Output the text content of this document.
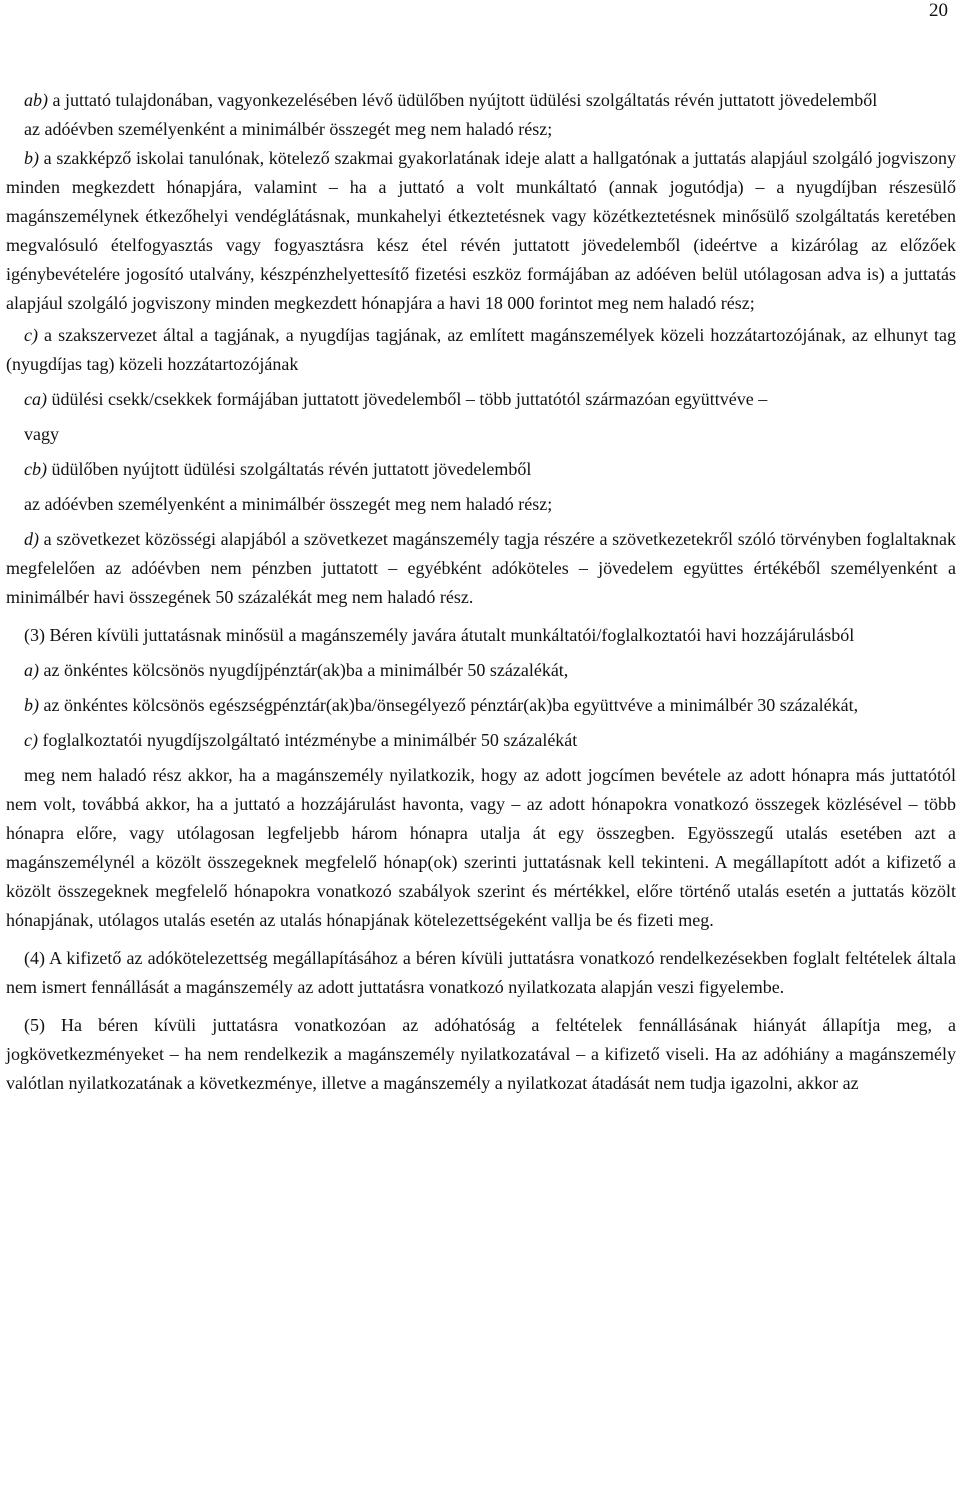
20

ab) a juttató tulajdonában, vagyonkezelésében lévő üdülőben nyújtott üdülési szolgáltatás révén juttatott jövedelemből

az adóévben személyenként a minimálbér összegét meg nem haladó rész;

b) a szakképző iskolai tanulónak, kötelező szakmai gyakorlatának ideje alatt a hallgatónak a juttatás alapjául szolgáló jogviszony minden megkezdett hónapjára, valamint – ha a juttató a volt munkáltató (annak jogutódja) – a nyugdíjban részesülő magánszemélynek étkezőhelyi vendéglátásnak, munkahelyi étkeztetésnek vagy közétkeztetésnek minősülő szolgáltatás keretében megvalósuló ételfogyasztás vagy fogyasztásra kész étel révén juttatott jövedelemből (ideértve a kizárólag az előzőek igénybevételére jogosító utalvány, készpénzhelyettesítő fizetési eszköz formájában az adóéven belül utólagosan adva is) a juttatás alapjául szolgáló jogviszony minden megkezdett hónapjára a havi 18 000 forintot meg nem haladó rész;

c) a szakszervezet által a tagjának, a nyugdíjas tagjának, az említett magánszemélyek közeli hozzátartozójának, az elhunyt tag (nyugdíjas tag) közeli hozzátartozójának

ca) üdülési csekk/csekkek formájában juttatott jövedelemből – több juttatótól származóan együttvéve –

vagy

cb) üdülőben nyújtott üdülési szolgáltatás révén juttatott jövedelemből

az adóévben személyenként a minimálbér összegét meg nem haladó rész;

d) a szövetkezet közösségi alapjából a szövetkezet magánszemély tagja részére a szövetkezetekről szóló törvényben foglaltaknak megfelelően az adóévben nem pénzben juttatott – egyébként adóköteles – jövedelem együttes értékéből személyenként a minimálbér havi összegének 50 százalékát meg nem haladó rész.

(3) Béren kívüli juttatásnak minősül a magánszemély javára átutalt munkáltatói/foglalkoztatói havi hozzájárulásból

a) az önkéntes kölcsönös nyugdíjpénztár(ak)ba a minimálbér 50 százalékát,

b) az önkéntes kölcsönös egészségpénztár(ak)ba/önsegélyező pénztár(ak)ba együttvéve a minimálbér 30 százalékát,

c) foglalkoztatói nyugdíjszolgáltató intézménybe a minimálbér 50 százalékát

meg nem haladó rész akkor, ha a magánszemély nyilatkozik, hogy az adott jogcímen bevétele az adott hónapra más juttatótól nem volt, továbbá akkor, ha a juttató a hozzájárulást havonta, vagy – az adott hónapokra vonatkozó összegek közlésével – több hónapra előre, vagy utólagosan legfeljebb három hónapra utalja át egy összegben. Egyösszegű utalás esetében azt a magánszemélynél a közölt összegeknek megfelelő hónap(ok) szerinti juttatásnak kell tekinteni. A megállapított adót a kifizető a közölt összegeknek megfelelő hónapokra vonatkozó szabályok szerint és mértékkel, előre történő utalás esetén a juttatás közölt hónapjának, utólagos utalás esetén az utalás hónapjának kötelezettségeként vallja be és fizeti meg.

(4) A kifizető az adókötelezettség megállapításához a béren kívüli juttatásra vonatkozó rendelkezésekben foglalt feltételek általa nem ismert fennállását a magánszemély az adott juttatásra vonatkozó nyilatkozata alapján veszi figyelembe.

(5) Ha béren kívüli juttatásra vonatkozóan az adóhatóság a feltételek fennállásának hiányát állapítja meg, a jogkövetkezményeket – ha nem rendelkezik a magánszemély nyilatkozatával – a kifizető viseli. Ha az adóhiány a magánszemély valótlan nyilatkozatának a következménye, illetve a magánszemély a nyilatkozat átadását nem tudja igazolni, akkor az
